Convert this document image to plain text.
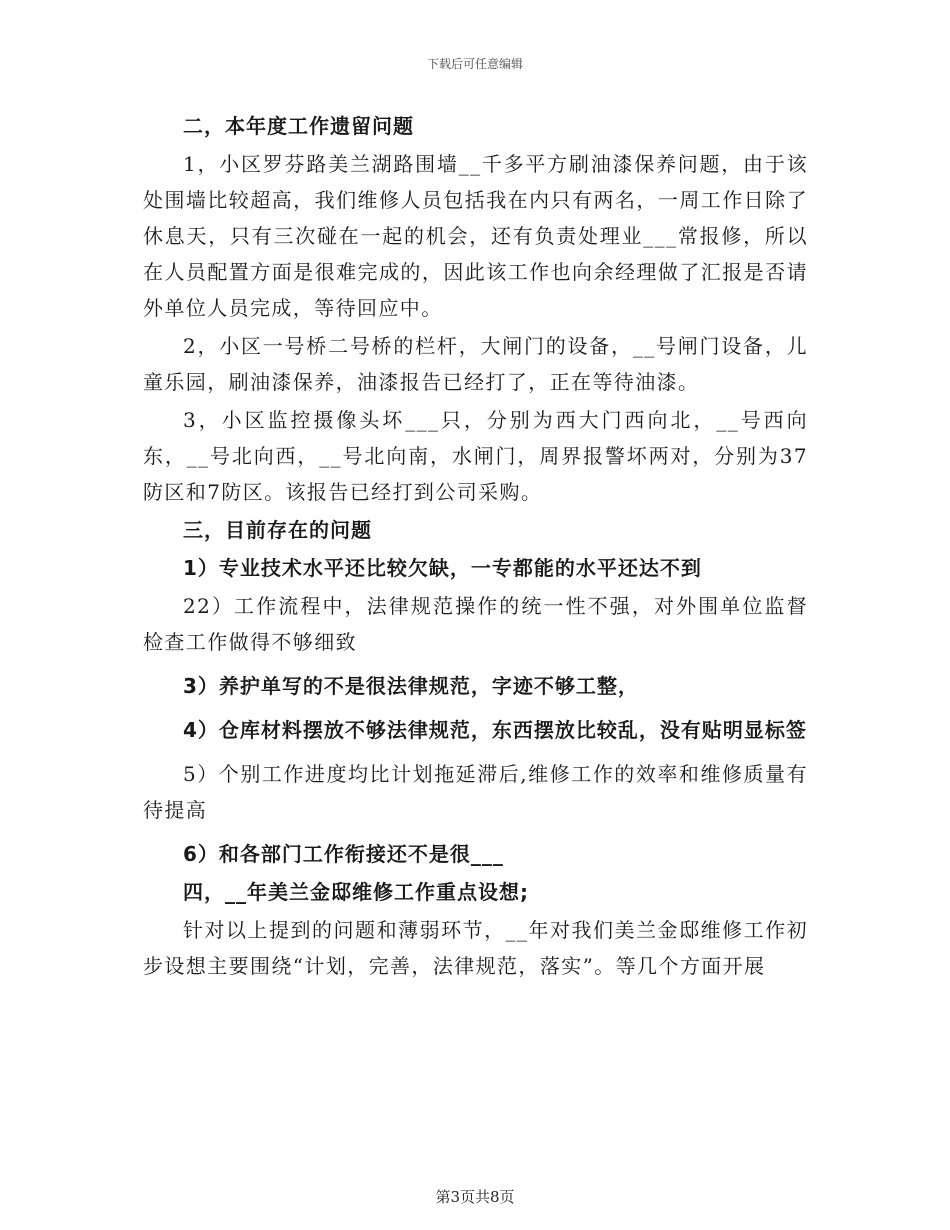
下载后可任意编辑

二，本年度工作遗留问题

1，小区罗芬路美兰湖路围墙__千多平方刷油漆保养问题，由于该处围墙比较超高，我们维修人员包括我在内只有两名，一周工作日除了休息天，只有三次碰在一起的机会，还有负责处理业___常报修，所以在人员配置方面是很难完成的，因此该工作也向余经理做了汇报是否请外单位人员完成，等待回应中。

2，小区一号桥二号桥的栏杆，大闸门的设备，__号闸门设备，儿童乐园，刷油漆保养，油漆报告已经打了，正在等待油漆。

3，小区监控摄像头坏___只，分别为西大门西向北，__号西向东，__号北向西，__号北向南，水闸门，周界报警坏两对，分别为37防区和7防区。该报告已经打到公司采购。

三，目前存在的问题

1）专业技术水平还比较欠缺，一专都能的水平还达不到

22）工作流程中，法律规范操作的统一性不强，对外围单位监督检查工作做得不够细致

3）养护单写的不是很法律规范，字迹不够工整，

4）仓库材料摆放不够法律规范，东西摆放比较乱，没有贴明显标签

5）个别工作进度均比计划拖延滞后,维修工作的效率和维修质量有待提高

6）和各部门工作衔接还不是很___

四，__年美兰金邸维修工作重点设想;

针对以上提到的问题和薄弱环节，__年对我们美兰金邸维修工作初步设想主要围绕“计划，完善，法律规范，落实”。等几个方面开展

第3页共8页
